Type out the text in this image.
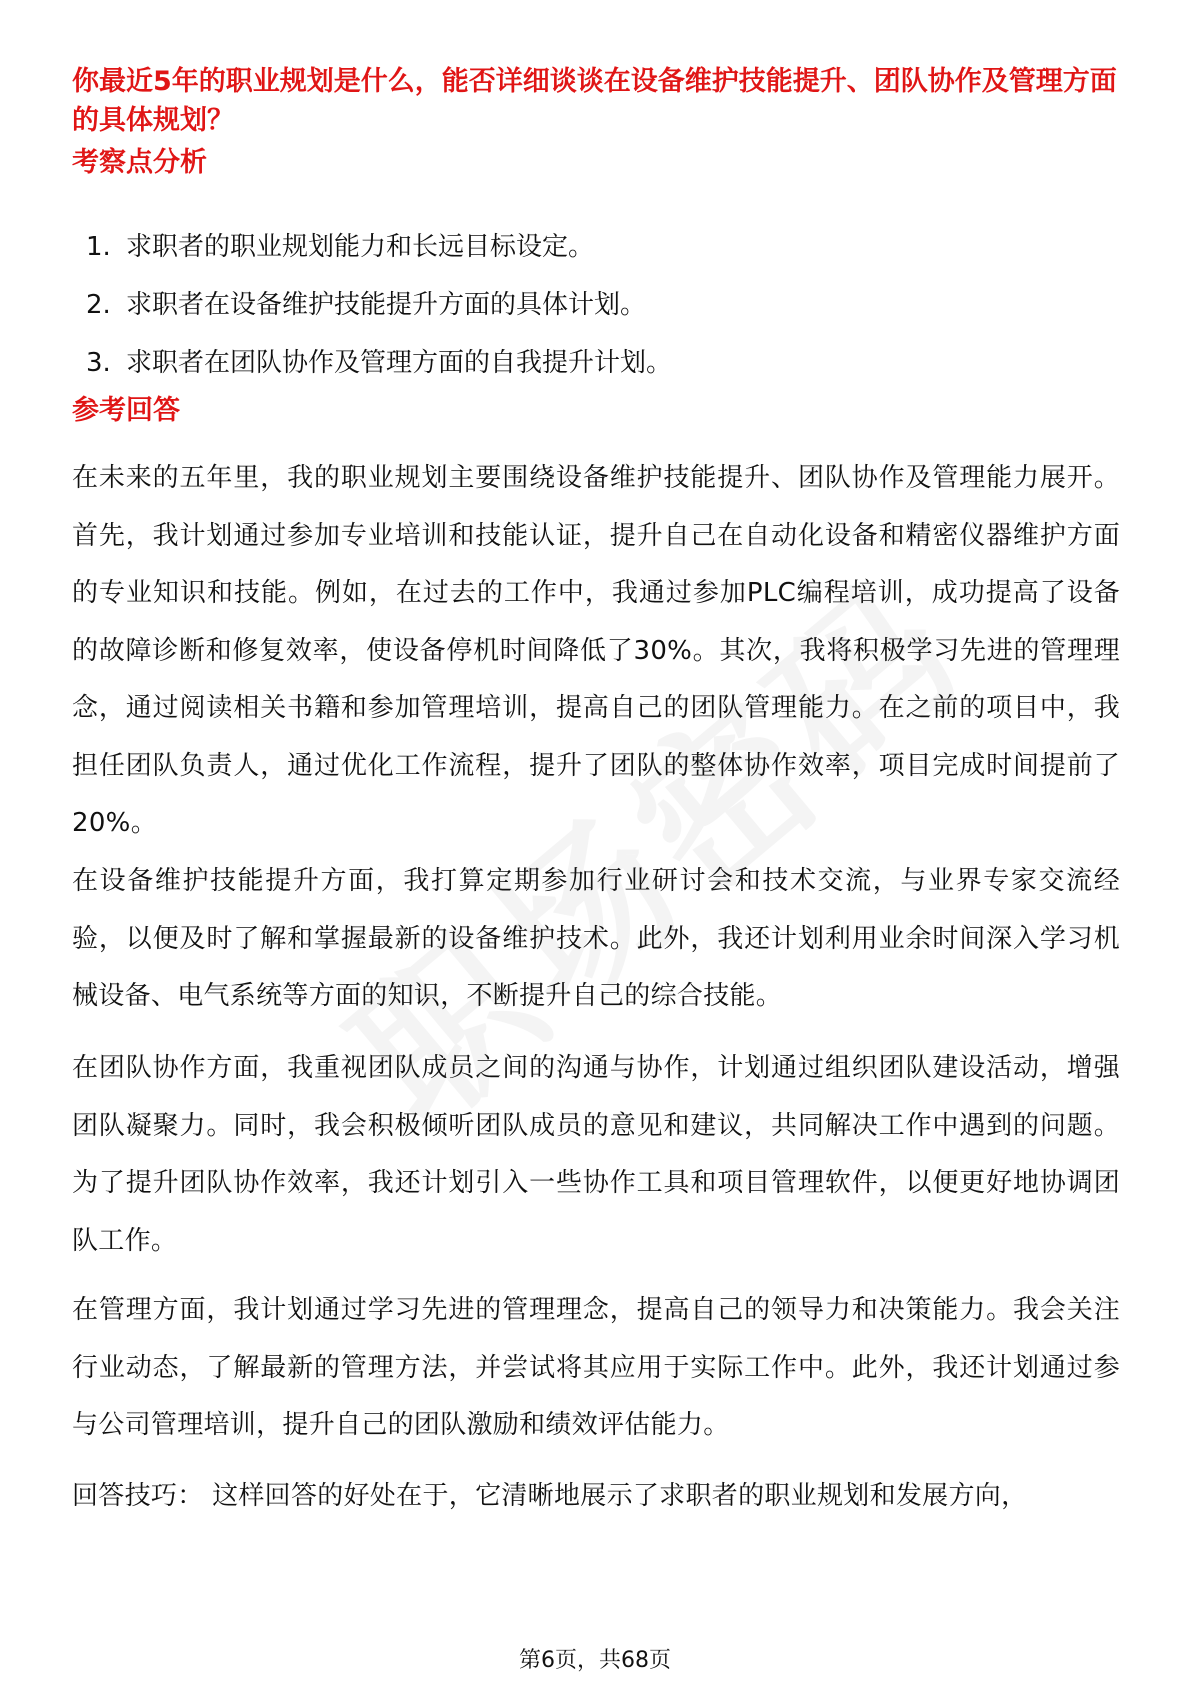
你最近5年的职业规划是什么，能否详细谈谈在设备维护技能提升、团队协作及管理方面的具体规划？

考察点分析

1. 求职者的职业规划能力和长远目标设定。
2. 求职者在设备维护技能提升方面的具体计划。
3. 求职者在团队协作及管理方面的自我提升计划。

参考回答

在未来的五年里，我的职业规划主要围绕设备维护技能提升、团队协作及管理能力展开。首先，我计划通过参加专业培训和技能认证，提升自己在自动化设备和精密仪器维护方面的专业知识和技能。例如，在过去的工作中，我通过参加PLC编程培训，成功提高了设备的故障诊断和修复效率，使设备停机时间降低了30%。其次，我将积极学习先进的管理理念，通过阅读相关书籍和参加管理培训，提高自己的团队管理能力。在之前的项目中，我担任团队负责人，通过优化工作流程，提升了团队的整体协作效率，项目完成时间提前了20%。

在设备维护技能提升方面，我打算定期参加行业研讨会和技术交流，与业界专家交流经验，以便及时了解和掌握最新的设备维护技术。此外，我还计划利用业余时间深入学习机械设备、电气系统等方面的知识，不断提升自己的综合技能。

在团队协作方面，我重视团队成员之间的沟通与协作，计划通过组织团队建设活动，增强团队凝聚力。同时，我会积极倾听团队成员的意见和建议，共同解决工作中遇到的问题。为了提升团队协作效率，我还计划引入一些协作工具和项目管理软件，以便更好地协调团队工作。

在管理方面，我计划通过学习先进的管理理念，提高自己的领导力和决策能力。我会关注行业动态，了解最新的管理方法，并尝试将其应用于实际工作中。此外，我还计划通过参与公司管理培训，提升自己的团队激励和绩效评估能力。

回答技巧： 这样回答的好处在于，它清晰地展示了求职者的职业规划和发展方向，

第6页，共68页
